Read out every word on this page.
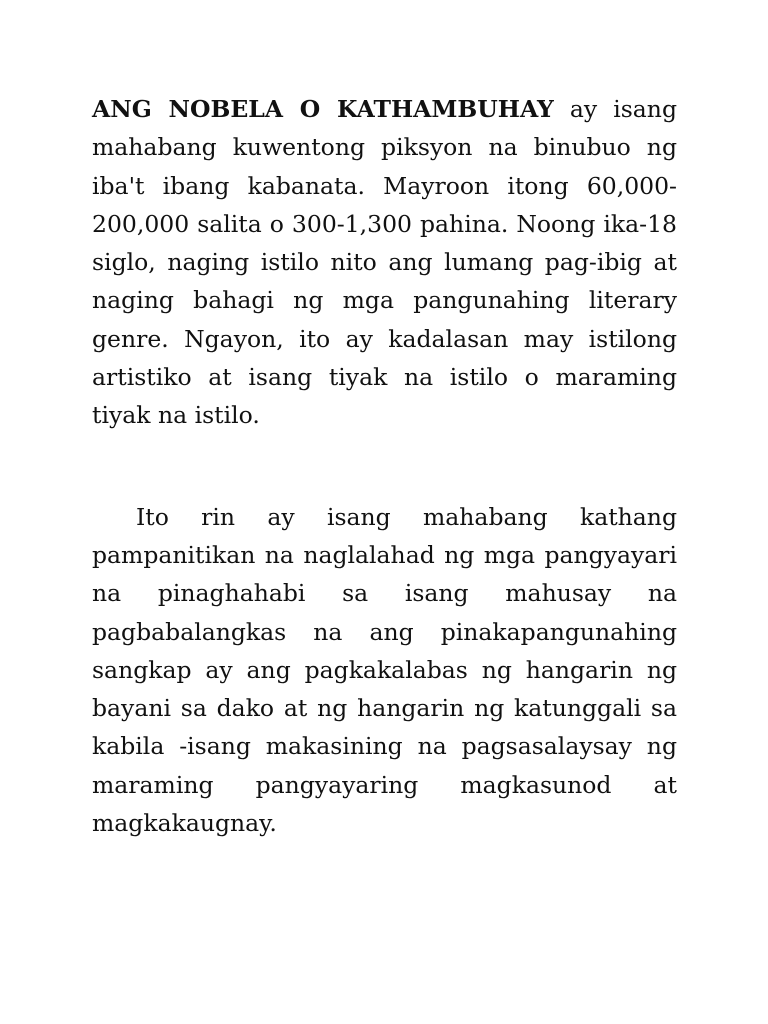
ANG NOBELA O KATHAMBUHAY ay isang mahabang kuwentong piksyon na binubuo ng iba't ibang kabanata. Mayroon itong 60,000-200,000 salita o 300-1,300 pahina. Noong ika-18 siglo, naging istilo nito ang lumang pag-ibig at naging bahagi ng mga pangunahing literary genre. Ngayon, ito ay kadalasan may istilong artistiko at isang tiyak na istilo o maraming tiyak na istilo.

Ito rin ay isang mahabang kathang pampanitikan na naglalahad ng mga pangyayari na pinaghahabi sa isang mahusay na pagbabalangkas na ang pinakapangunahing sangkap ay ang pagkakalabas ng hangarin ng bayani sa dako at ng hangarin ng katunggali sa kabila -isang makasining na pagsasalaysay ng maraming pangyayaring magkasunod at magkakaugnay.
